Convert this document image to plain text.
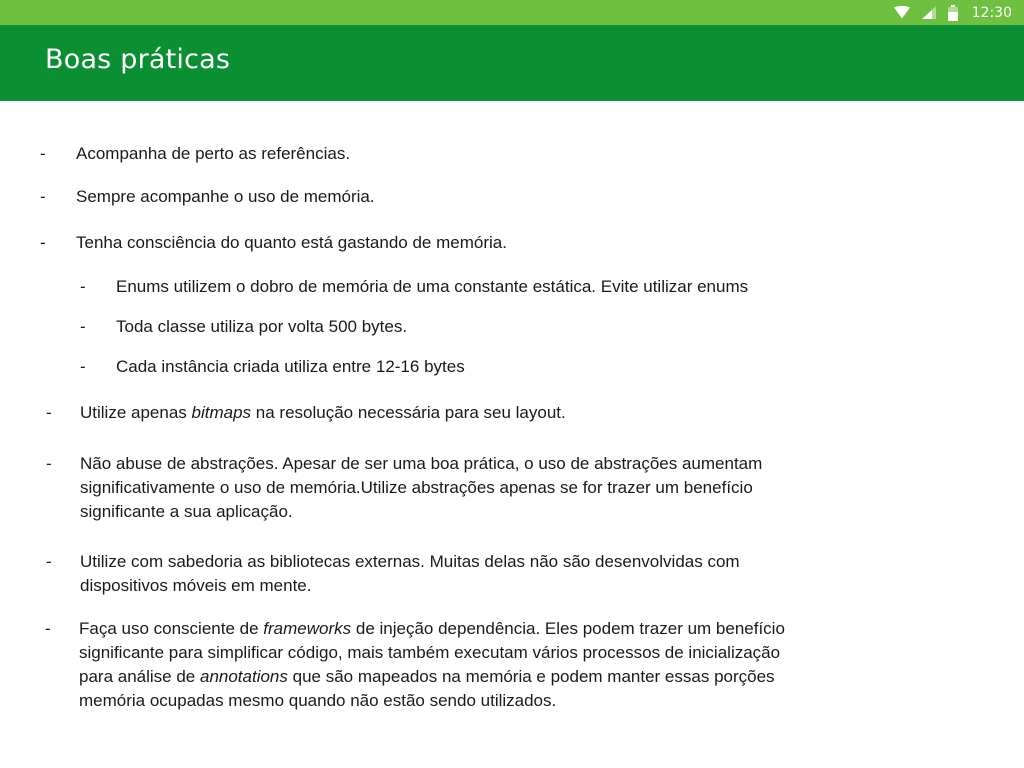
12:30
Boas práticas
-	Acompanha de perto as referências.
-	Sempre acompanhe o uso de memória.
-	Tenha consciência do quanto está gastando de memória.
-	Enums utilizem o dobro de memória de uma constante estática. Evite utilizar enums
-	Toda classe utiliza por volta 500 bytes.
-	Cada instância criada utiliza entre 12-16 bytes
-	Utilize apenas bitmaps na resolução necessária para seu layout.
-	Não abuse de abstrações. Apesar de ser uma boa prática, o uso de abstrações aumentam
significativamente o uso de memória.Utilize abstrações apenas se for trazer um benefício
significante a sua aplicação.
-	Utilize com sabedoria as bibliotecas externas. Muitas delas não são desenvolvidas com
dispositivos móveis em mente.
-	Faça uso consciente de frameworks de injeção dependência. Eles podem trazer um benefício
significante para simplificar código, mais também executam vários processos de inicialização
para análise de annotations que são mapeados na memória e podem manter essas porções
memória ocupadas mesmo quando não estão sendo utilizados.
